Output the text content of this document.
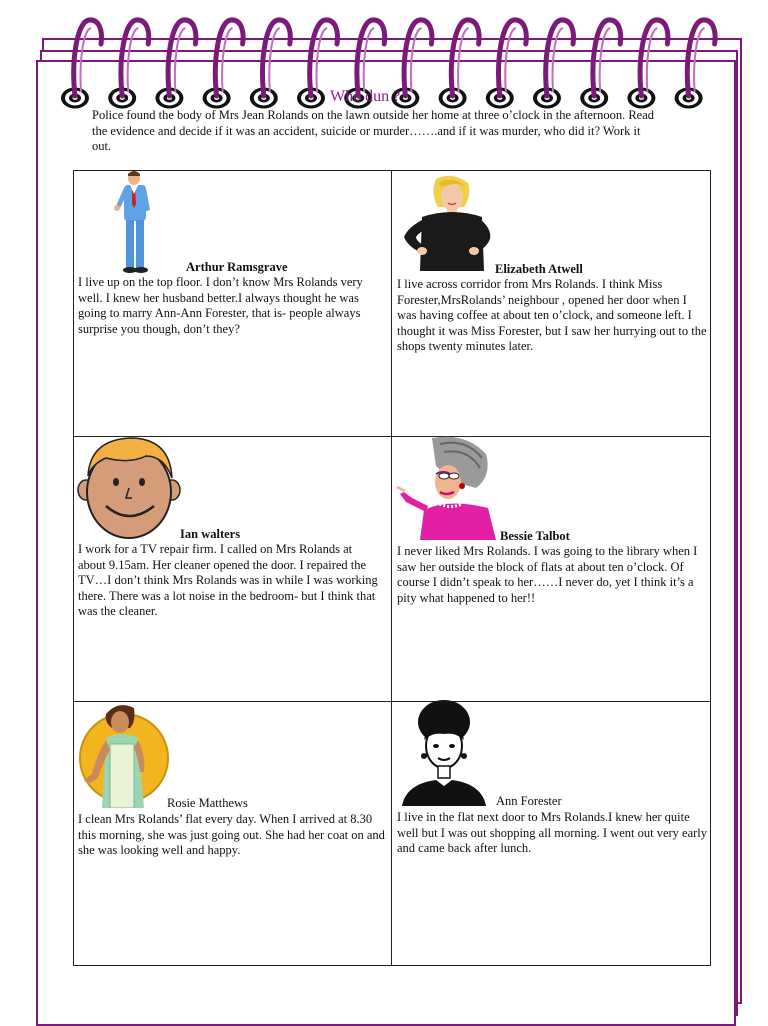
Who dun ?
Police found the body of Mrs Jean Rolands on the lawn outside her home at three o’clock in the afternoon. Read the evidence and decide if it was an accident, suicide or murder…….and if it was murder, who did it? Work it out.
Arthur Ramsgrave
I live up on the top floor. I don’t know Mrs Rolands very well. I knew her husband better.I always thought he was going to marry Ann-Ann Forester, that is- people always surprise you though, don’t they?
Elizabeth Atwell
I live across corridor from Mrs Rolands. I think Miss Forester,MrsRolands’ neighbour , opened her door when I was having coffee at about ten o’clock, and someone left. I thought it was Miss Forester, but I saw her hurrying out to the shops twenty minutes later.
Ian walters
I work for a TV repair firm. I called on Mrs Rolands at about 9.15am. Her cleaner opened the door. I repaired the TV…I don’t think Mrs Rolands was in while I was working there. There was a lot noise in the bedroom- but I think that was the cleaner.
Bessie Talbot
I never liked Mrs Rolands. I was going to the library when I saw her outside the block of flats at about ten o’clock. Of course I didn’t speak to her……I never do, yet I think it’s a pity what happened to her!!
Rosie Matthews
I clean Mrs Rolands’ flat every day. When I arrived at 8.30 this morning, she was just going out. She had her coat on and she was looking well and happy.
Ann Forester
I live in the flat next door to Mrs Rolands.I knew her quite well but I was out shopping all morning. I went out very early and came back after lunch.
